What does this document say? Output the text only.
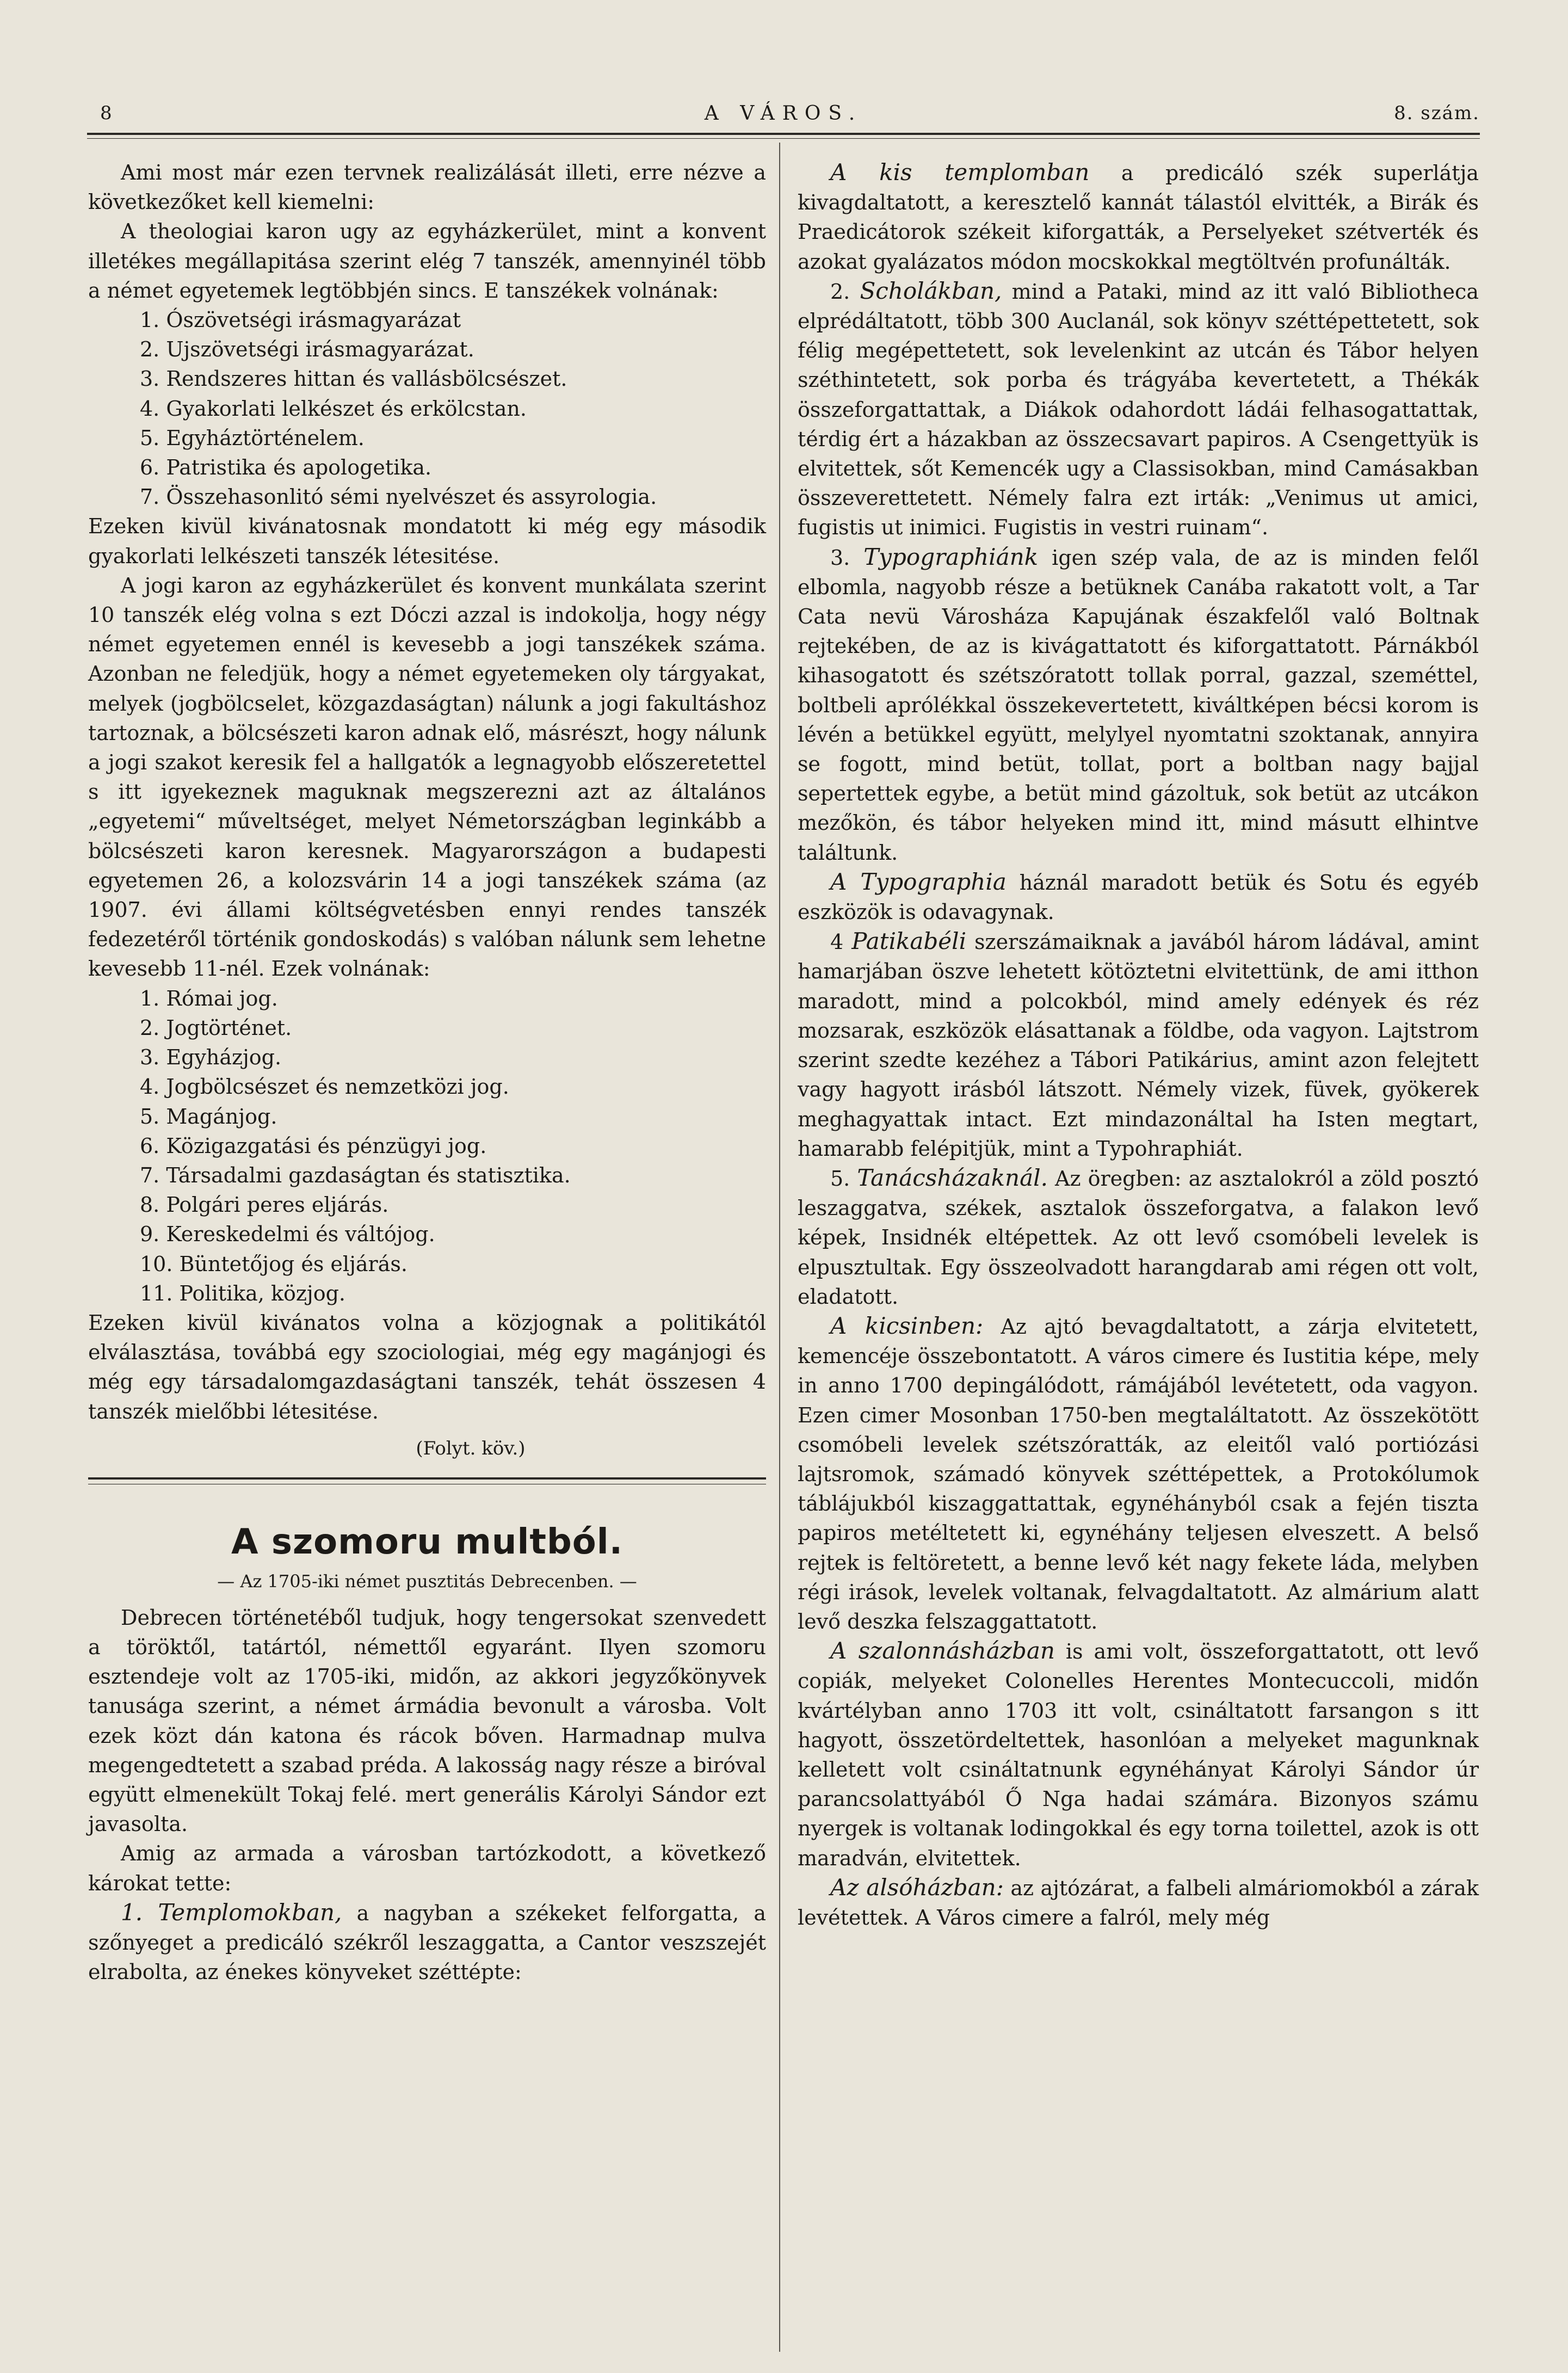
8	A VÁROS.	8. szám.

Ami most már ezen tervnek realizálását illeti, erre nézve a következőket kell kiemelni:

A theologiai karon ugy az egyházkerület, mint a konvent illetékes megállapitása szerint elég 7 tanszék, amennyinél több a német egyetemek legtöbbjén sincs. E tanszékek volnának:

1. Ószövetségi irásmagyarázat
2. Ujszövetségi irásmagyarázat.
3. Rendszeres hittan és vallásbölcsészet.
4. Gyakorlati lelkészet és erkölcstan.
5. Egyháztörténelem.
6. Patristika és apologetika.
7. Összehasonlitó sémi nyelvészet és assyrologia.

Ezeken kivül kivánatosnak mondatott ki még egy második gyakorlati lelkészeti tanszék létesitése.

A jogi karon az egyházkerület és konvent munkálata szerint 10 tanszék elég volna s ezt Dóczi azzal is indokolja, hogy négy német egyetemen ennél is kevesebb a jogi tanszékek száma. Azonban ne feledjük, hogy a német egyetemeken oly tárgyakat, melyek (jogbölcselet, közgazdaságtan) nálunk a jogi fakultáshoz tartoznak, a bölcsészeti karon adnak elő, másrészt, hogy nálunk a jogi szakot keresik fel a hallgatók a legnagyobb előszeretettel s itt igyekeznek maguknak megszerezni azt az általános „egyetemi“ műveltséget, melyet Németországban leginkább a bölcsészeti karon keresnek. Magyarországon a budapesti egyetemen 26, a kolozsvárin 14 a jogi tanszékek száma (az 1907. évi állami költségvetésben ennyi rendes tanszék fedezetéről történik gondoskodás) s valóban nálunk sem lehetne kevesebb 11-nél. Ezek volnának:

1. Római jog.
2. Jogtörténet.
3. Egyházjog.
4. Jogbölcsészet és nemzetközi jog.
5. Magánjog.
6. Közigazgatási és pénzügyi jog.
7. Társadalmi gazdaságtan és statisztika.
8. Polgári peres eljárás.
9. Kereskedelmi és váltójog.
10. Büntetőjog és eljárás.
11. Politika, közjog.

Ezeken kivül kivánatos volna a közjognak a politikától elválasztása, továbbá egy szociologiai, még egy magánjogi és még egy társadalomgazdaságtani tanszék, tehát összesen 4 tanszék mielőbbi létesitése.

(Folyt. köv.)
A szomoru multból.
— Az 1705-iki német pusztitás Debrecenben. —

Debrecen történetéből tudjuk, hogy tengersokat szenvedett a töröktől, tatártól, némettől egyaránt. Ilyen szomoru esztendeje volt az 1705-iki, midőn, az akkori jegyzőkönyvek tanusága szerint, a német ármádia bevonult a városba. Volt ezek közt dán katona és rácok bőven. Harmadnap mulva megengedtetett a szabad préda. A lakosság nagy része a biróval együtt elmenekült Tokaj felé. mert generális Károlyi Sándor ezt javasolta.

Amig az armada a városban tartózkodott, a következő károkat tette:

1. Templomokban, a nagyban a székeket felforgatta, a szőnyeget a predicáló székről leszaggatta, a Cantor veszszejét elrabolta, az énekes könyveket széttépte:

A kis templomban a predicáló szék superlátja kivagdaltatott, a keresztelő kannát tálastól elvitték, a Birák és Praedicátorok székeit kiforgatták, a Perselyeket szétverték és azokat gyalázatos módon mocskokkal megtöltvén profunálták.

2. Scholákban, mind a Pataki, mind az itt való Bibliotheca elprédáltatott, több 300 Auclanál, sok könyv széttépettetett, sok félig megépettetett, sok levelenkint az utcán és Tábor helyen széthintetett, sok porba és trágyába kevertetett, a Thékák összeforgattattak, a Diákok odahordott ládái felhasogattattak, térdig ért a házakban az összecsavart papiros. A Csengettyük is elvitettek, sőt Kemencék ugy a Classisokban, mind Camásakban összeverettetett. Némely falra ezt irták: „Venimus ut amici, fugistis ut inimici. Fugistis in vestri ruinam“.

3. Typographiánk igen szép vala, de az is minden felől elbomla, nagyobb része a betüknek Canába rakatott volt, a Tar Cata nevü Városháza Kapujának északfelől való Boltnak rejtekében, de az is kivágattatott és kiforgattatott. Párnákból kihasogatott és szétszóratott tollak porral, gazzal, szeméttel, boltbeli aprólékkal összekevertetett, kiváltképen bécsi korom is lévén a betükkel együtt, melylyel nyomtatni szoktanak, annyira se fogott, mind betüt, tollat, port a boltban nagy bajjal sepertettek egybe, a betüt mind gázoltuk, sok betüt az utcákon mezőkön, és tábor helyeken mind itt, mind másutt elhintve találtunk.

A Typographia háznál maradott betük és Sotu és egyéb eszközök is odavagynak.

4 Patikabéli szerszámaiknak a javából három ládával, amint hamarjában öszve lehetett kötöztetni elvitettünk, de ami itthon maradott, mind a polcokból, mind amely edények és réz mozsarak, eszközök elásattanak a földbe, oda vagyon. Lajtstrom szerint szedte kezéhez a Tábori Patikárius, amint azon felejtett vagy hagyott irásból látszott. Némely vizek, füvek, gyökerek meghagyattak intact. Ezt mindazonáltal ha Isten megtart, hamarabb felépitjük, mint a Typohraphiát.

5. Tanácsházaknál. Az öregben: az asztalokról a zöld posztó leszaggatva, székek, asztalok összeforgatva, a falakon levő képek, Insidnék eltépettek. Az ott levő csomóbeli levelek is elpusztultak. Egy összeolvadott harangdarab ami régen ott volt, eladatott.

A kicsinben: Az ajtó bevagdaltatott, a zárja elvitetett, kemencéje összebontatott. A város cimere és Iustitia képe, mely in anno 1700 depingálódott, rámájából levétetett, oda vagyon. Ezen cimer Mosonban 1750-ben megtaláltatott. Az összekötött csomóbeli levelek szétszóratták, az eleitől való portiózási lajtsromok, számadó könyvek széttépettek, a Protokólumok táblájukból kiszaggattattak, egynéhányból csak a fején tiszta papiros metéltetett ki, egynéhány teljesen elveszett. A belső rejtek is feltöretett, a benne levő két nagy fekete láda, melyben régi irások, levelek voltanak, felvagdaltatott. Az almárium alatt levő deszka felszaggattatott.

A szalonnásházban is ami volt, összeforgattatott, ott levő copiák, melyeket Colonelles Herentes Montecuccoli, midőn kvártélyban anno 1703 itt volt, csináltatott farsangon s itt hagyott, összetördeltettek, hasonlóan a melyeket magunknak kelletett volt csináltatnunk egynéhányat Károlyi Sándor úr parancsolattyából Ő Nga hadai számára. Bizonyos számu nyergek is voltanak lodingokkal és egy torna toilettel, azok is ott maradván, elvitettek.

Az alsóházban: az ajtózárat, a falbeli almáriomokból a zárak levétettek. A Város cimere a falról, mely még
